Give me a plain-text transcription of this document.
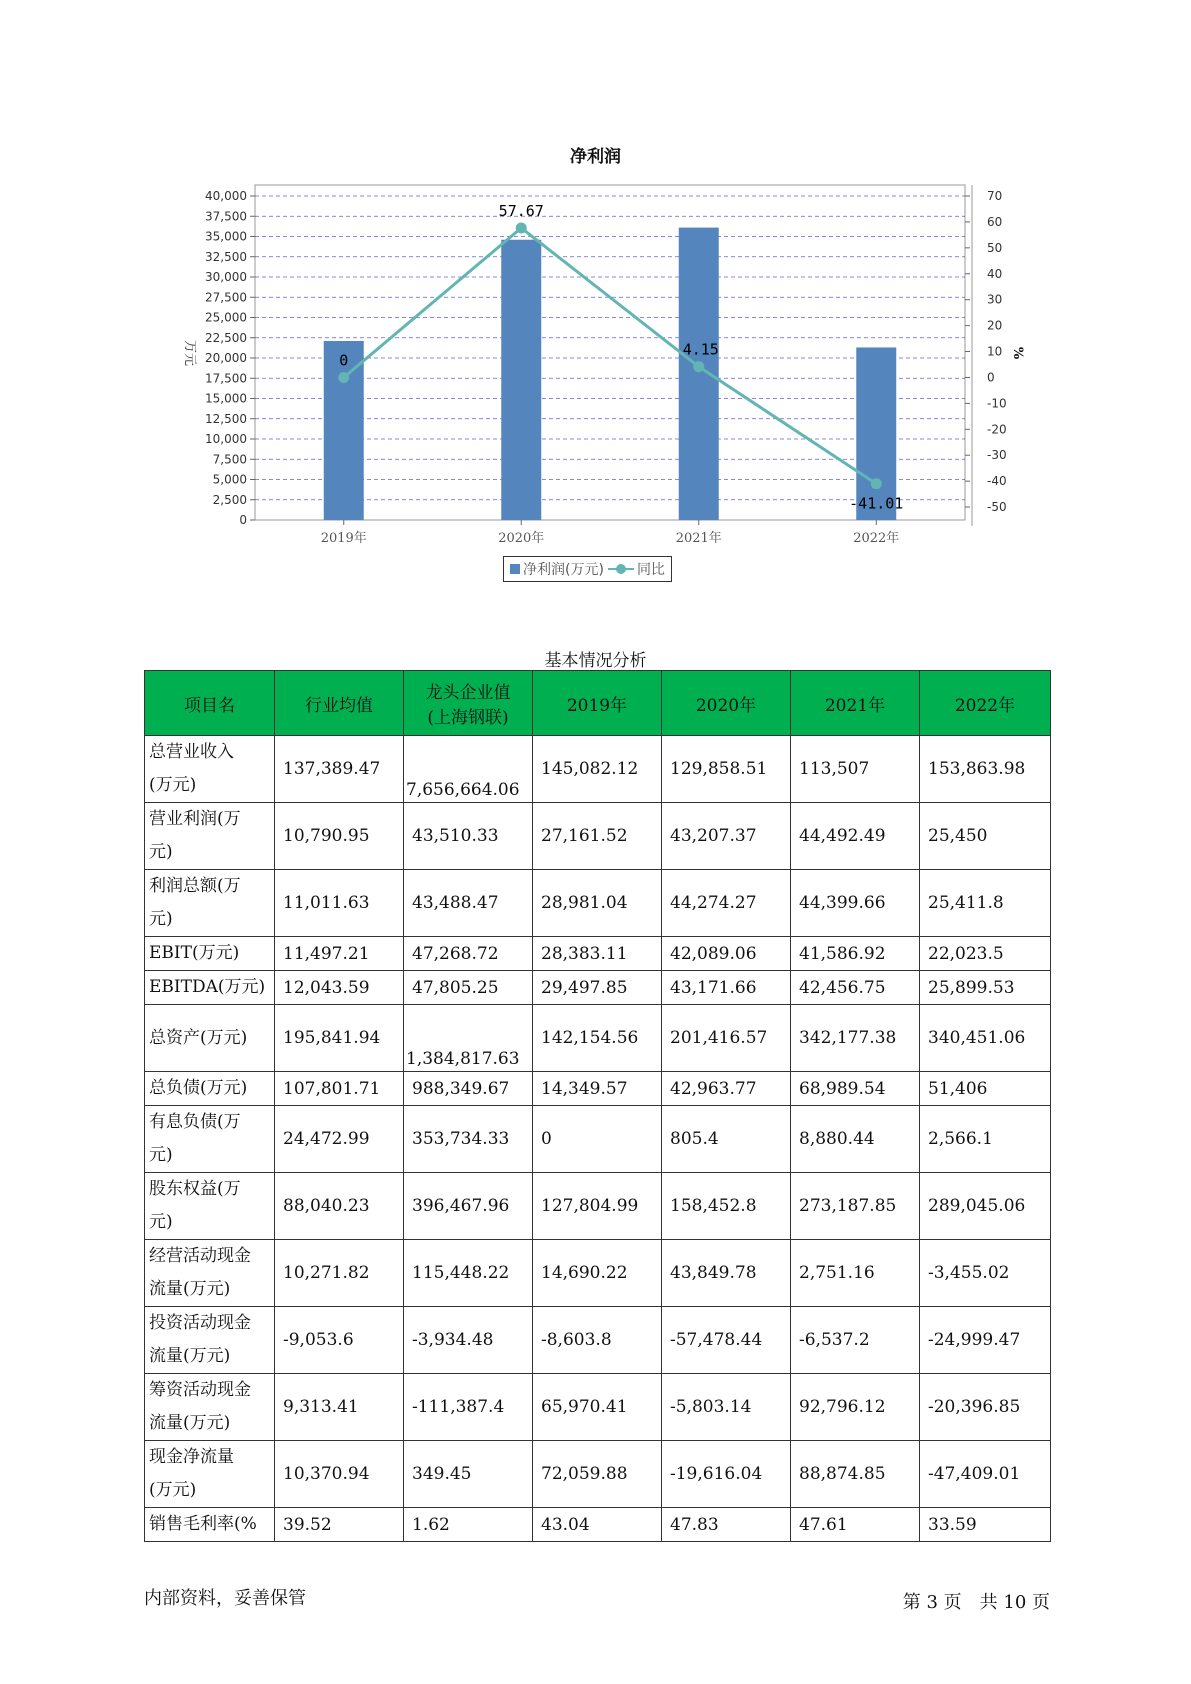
净利润
0
2,500
5,000
7,500
10,000
12,500
15,000
17,500
20,000
22,500
25,000
27,500
30,000
32,500
35,000
37,500
40,000
-50
-40
-30
-20
-10
0
10
20
30
40
50
60
70
万元	%
2019年	2020年	2021年	2022年
0
57.67
4.15
-41.01
净利润(万元) 同比
基本情况分析
项目名	行业均值	龙头企业值
(上海钢联)	2019年	2020年	2021年	2022年
总营业收入
(万元)	137,389.47	7,656,664.06	145,082.12	129,858.51	113,507	153,863.98
营业利润(万
元)	10,790.95	43,510.33	27,161.52	43,207.37	44,492.49	25,450
利润总额(万
元)	11,011.63	43,488.47	28,981.04	44,274.27	44,399.66	25,411.8
EBIT(万元)	11,497.21	47,268.72	28,383.11	42,089.06	41,586.92	22,023.5
EBITDA(万元)	12,043.59	47,805.25	29,497.85	43,171.66	42,456.75	25,899.53
总资产(万元)	195,841.94	1,384,817.63	142,154.56	201,416.57	342,177.38	340,451.06
总负债(万元)	107,801.71	988,349.67	14,349.57	42,963.77	68,989.54	51,406
有息负债(万
元)	24,472.99	353,734.33	0	805.4	8,880.44	2,566.1
股东权益(万
元)	88,040.23	396,467.96	127,804.99	158,452.8	273,187.85	289,045.06
经营活动现金
流量(万元)	10,271.82	115,448.22	14,690.22	43,849.78	2,751.16	-3,455.02
投资活动现金
流量(万元)	-9,053.6	-3,934.48	-8,603.8	-57,478.44	-6,537.2	-24,999.47
筹资活动现金
流量(万元)	9,313.41	-111,387.4	65,970.41	-5,803.14	92,796.12	-20,396.85
现金净流量
(万元)	10,370.94	349.45	72,059.88	-19,616.04	88,874.85	-47,409.01
销售毛利率(%	39.52	1.62	43.04	47.83	47.61	33.59
内部资料，妥善保管	第 3 页　共 10 页
